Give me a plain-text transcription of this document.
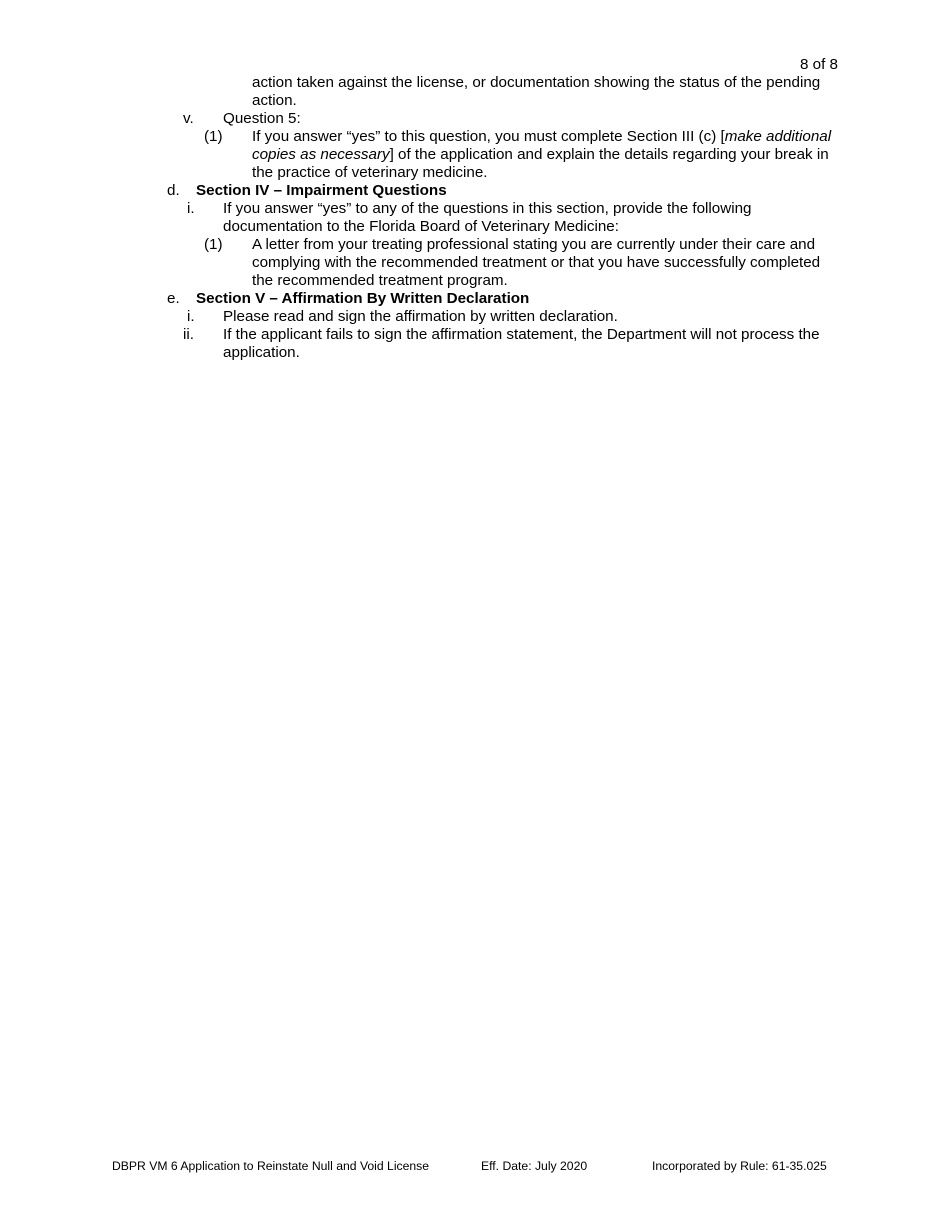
8 of 8
action taken against the license, or documentation showing the status of the pending action.
v. Question 5:
(1) If you answer “yes” to this question, you must complete Section III (c) [make additional copies as necessary] of the application and explain the details regarding your break in the practice of veterinary medicine.
d. Section IV – Impairment Questions
i. If you answer “yes” to any of the questions in this section, provide the following documentation to the Florida Board of Veterinary Medicine:
(1) A letter from your treating professional stating you are currently under their care and complying with the recommended treatment or that you have successfully completed the recommended treatment program.
e. Section V – Affirmation By Written Declaration
i. Please read and sign the affirmation by written declaration.
ii. If the applicant fails to sign the affirmation statement, the Department will not process the application.
DBPR VM 6 Application to Reinstate Null and Void License	Eff. Date: July 2020	Incorporated by Rule: 61-35.025
